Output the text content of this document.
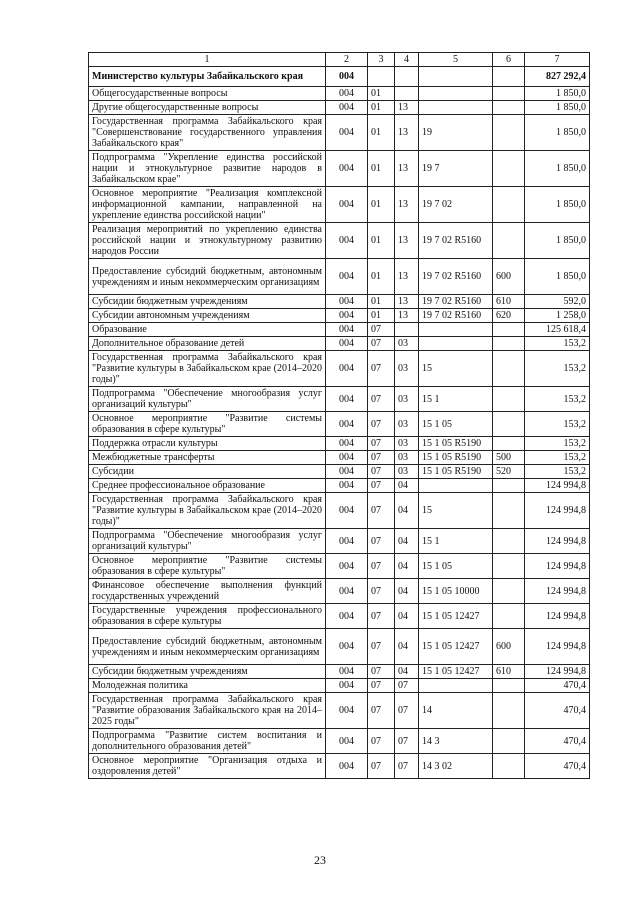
1	2	3	4	5	6	7
Министерство культуры Забайкальского края	004					827 292,4
Общегосударственные вопросы	004	01				1 850,0
Другие общегосударственные вопросы	004	01	13			1 850,0
Государственная программа Забайкальского края "Совершенствование государственного управления Забайкальского края"	004	01	13	19		1 850,0
Подпрограмма "Укрепление единства российской нации и этнокультурное развитие народов в Забайкальском крае"	004	01	13	19 7		1 850,0
Основное мероприятие "Реализация комплексной информационной кампании, направленной на укрепление единства российской нации"	004	01	13	19 7 02		1 850,0
Реализация мероприятий по укреплению единства российской нации и этнокультурному развитию народов России	004	01	13	19 7 02 R5160		1 850,0
Предоставление субсидий бюджетным, автономным учреждениям и иным некоммерческим организациям	004	01	13	19 7 02 R5160	600	1 850,0
Субсидии бюджетным учреждениям	004	01	13	19 7 02 R5160	610	592,0
Субсидии автономным учреждениям	004	01	13	19 7 02 R5160	620	1 258,0
Образование	004	07				125 618,4
Дополнительное образование детей	004	07	03			153,2
Государственная программа Забайкальского края "Развитие культуры в Забайкальском крае (2014–2020 годы)"	004	07	03	15		153,2
Подпрограмма "Обеспечение многообразия услуг организаций культуры"	004	07	03	15 1		153,2
Основное мероприятие "Развитие системы образования в сфере культуры"	004	07	03	15 1 05		153,2
Поддержка отрасли культуры	004	07	03	15 1 05 R5190		153,2
Межбюджетные трансферты	004	07	03	15 1 05 R5190	500	153,2
Субсидии	004	07	03	15 1 05 R5190	520	153,2
Среднее профессиональное образование	004	07	04			124 994,8
Государственная программа Забайкальского края "Развитие культуры в Забайкальском крае (2014–2020 годы)"	004	07	04	15		124 994,8
Подпрограмма "Обеспечение многообразия услуг организаций культуры"	004	07	04	15 1		124 994,8
Основное мероприятие "Развитие системы образования в сфере культуры"	004	07	04	15 1 05		124 994,8
Финансовое обеспечение выполнения функций государственных учреждений	004	07	04	15 1 05 10000		124 994,8
Государственные учреждения профессионального образования в сфере культуры	004	07	04	15 1 05 12427		124 994,8
Предоставление субсидий бюджетным, автономным учреждениям и иным некоммерческим организациям	004	07	04	15 1 05 12427	600	124 994,8
Субсидии бюджетным учреждениям	004	07	04	15 1 05 12427	610	124 994,8
Молодежная политика	004	07	07			470,4
Государственная программа Забайкальского края "Развитие образования Забайкальского края на 2014–2025 годы"	004	07	07	14		470,4
Подпрограмма "Развитие систем воспитания и дополнительного образования детей"	004	07	07	14 3		470,4
Основное мероприятие "Организация отдыха и оздоровления детей"	004	07	07	14 3 02		470,4
23
